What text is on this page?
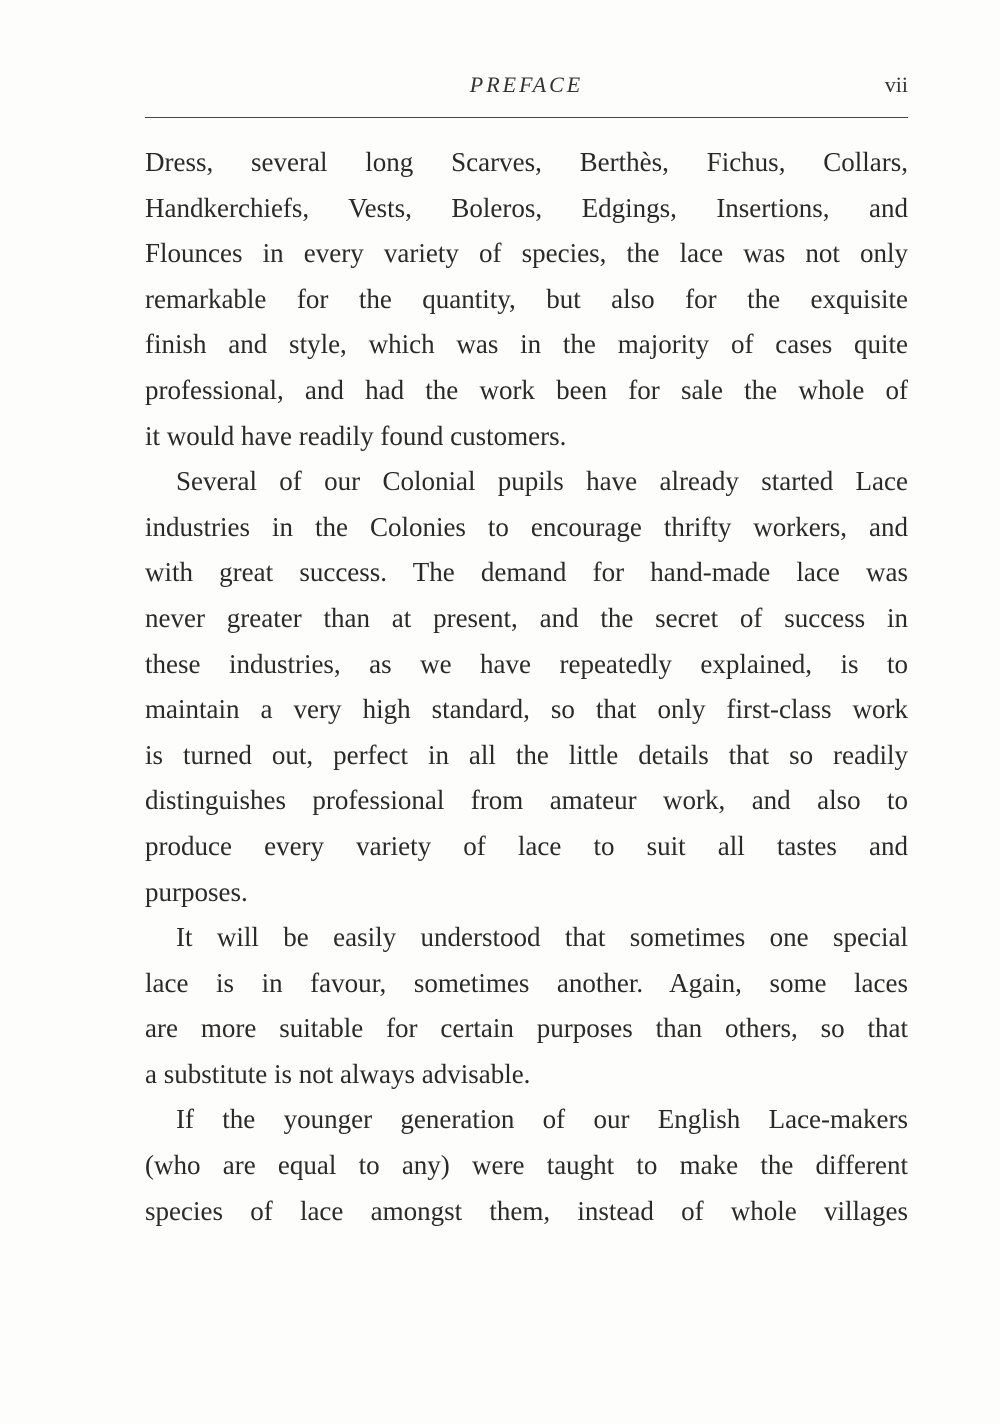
PREFACE	vii
Dress, several long Scarves, Berthès, Fichus, Collars,
Handkerchiefs, Vests, Boleros, Edgings, Insertions, and
Flounces in every variety of species, the lace was not only
remarkable for the quantity, but also for the exquisite
finish and style, which was in the majority of cases quite
professional, and had the work been for sale the whole of
it would have readily found customers.
Several of our Colonial pupils have already started Lace
industries in the Colonies to encourage thrifty workers, and
with great success. The demand for hand-made lace was
never greater than at present, and the secret of success in
these industries, as we have repeatedly explained, is to
maintain a very high standard, so that only first-class work
is turned out, perfect in all the little details that so readily
distinguishes professional from amateur work, and also to
produce every variety of lace to suit all tastes and
purposes.
It will be easily understood that sometimes one special
lace is in favour, sometimes another. Again, some laces
are more suitable for certain purposes than others, so that
a substitute is not always advisable.
If the younger generation of our English Lace-makers
(who are equal to any) were taught to make the different
species of lace amongst them, instead of whole villages
